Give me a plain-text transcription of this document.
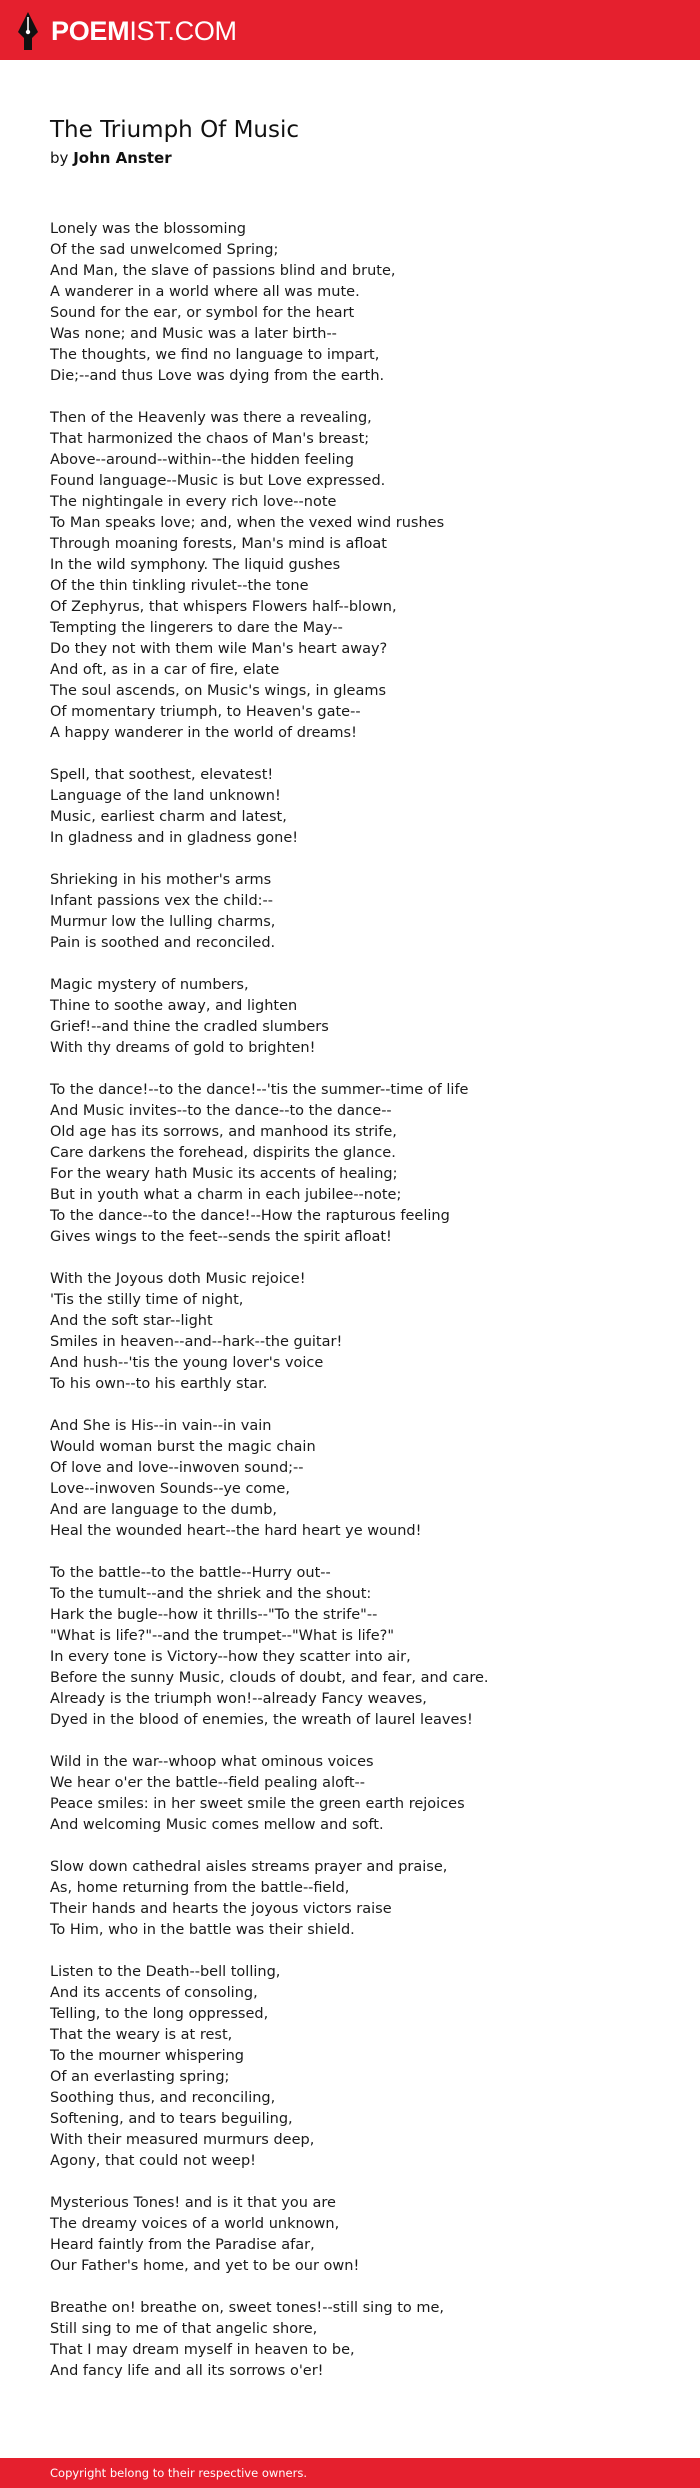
POEMIST.COM
The Triumph Of Music
by John Anster
Lonely was the blossoming
Of the sad unwelcomed Spring;
And Man, the slave of passions blind and brute,
A wanderer in a world where all was mute.
Sound for the ear, or symbol for the heart
Was none; and Music was a later birth--
The thoughts, we find no language to impart,
Die;--and thus Love was dying from the earth.
Then of the Heavenly was there a revealing,
That harmonized the chaos of Man's breast;
Above--around--within--the hidden feeling
Found language--Music is but Love expressed.
The nightingale in every rich love--note
To Man speaks love; and, when the vexed wind rushes
Through moaning forests, Man's mind is afloat
In the wild symphony. The liquid gushes
Of the thin tinkling rivulet--the tone
Of Zephyrus, that whispers Flowers half--blown,
Tempting the lingerers to dare the May--
Do they not with them wile Man's heart away?
And oft, as in a car of fire, elate
The soul ascends, on Music's wings, in gleams
Of momentary triumph, to Heaven's gate--
A happy wanderer in the world of dreams!
Spell, that soothest, elevatest!
Language of the land unknown!
Music, earliest charm and latest,
In gladness and in gladness gone!
Shrieking in his mother's arms
Infant passions vex the child:--
Murmur low the lulling charms,
Pain is soothed and reconciled.
Magic mystery of numbers,
Thine to soothe away, and lighten
Grief!--and thine the cradled slumbers
With thy dreams of gold to brighten!
To the dance!--to the dance!--'tis the summer--time of life
And Music invites--to the dance--to the dance--
Old age has its sorrows, and manhood its strife,
Care darkens the forehead, dispirits the glance.
For the weary hath Music its accents of healing;
But in youth what a charm in each jubilee--note;
To the dance--to the dance!--How the rapturous feeling
Gives wings to the feet--sends the spirit afloat!
With the Joyous doth Music rejoice!
'Tis the stilly time of night,
And the soft star--light
Smiles in heaven--and--hark--the guitar!
And hush--'tis the young lover's voice
To his own--to his earthly star.
And She is His--in vain--in vain
Would woman burst the magic chain
Of love and love--inwoven sound;--
Love--inwoven Sounds--ye come,
And are language to the dumb,
Heal the wounded heart--the hard heart ye wound!
To the battle--to the battle--Hurry out--
To the tumult--and the shriek and the shout:
Hark the bugle--how it thrills--"To the strife"--
"What is life?"--and the trumpet--"What is life?"
In every tone is Victory--how they scatter into air,
Before the sunny Music, clouds of doubt, and fear, and care.
Already is the triumph won!--already Fancy weaves,
Dyed in the blood of enemies, the wreath of laurel leaves!
Wild in the war--whoop what ominous voices
We hear o'er the battle--field pealing aloft--
Peace smiles: in her sweet smile the green earth rejoices
And welcoming Music comes mellow and soft.
Slow down cathedral aisles streams prayer and praise,
As, home returning from the battle--field,
Their hands and hearts the joyous victors raise
To Him, who in the battle was their shield.
Listen to the Death--bell tolling,
And its accents of consoling,
Telling, to the long oppressed,
That the weary is at rest,
To the mourner whispering
Of an everlasting spring;
Soothing thus, and reconciling,
Softening, and to tears beguiling,
With their measured murmurs deep,
Agony, that could not weep!
Mysterious Tones! and is it that you are
The dreamy voices of a world unknown,
Heard faintly from the Paradise afar,
Our Father's home, and yet to be our own!
Breathe on! breathe on, sweet tones!--still sing to me,
Still sing to me of that angelic shore,
That I may dream myself in heaven to be,
And fancy life and all its sorrows o'er!
Copyright belong to their respective owners.
